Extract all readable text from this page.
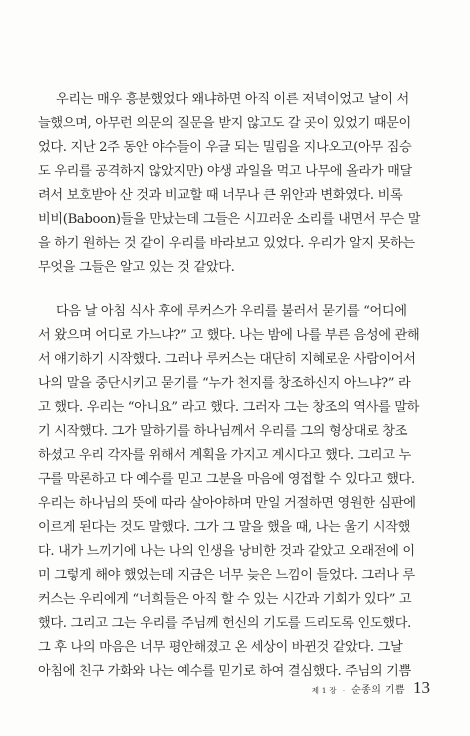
우리는 매우 흥분했었다 왜냐하면 아직 이른 저녁이었고 날이 서
늘했으며, 아무런 의문의 질문을 받지 않고도 갈 곳이 있었기 때문이
었다. 지난 2주 동안 야수들이 우글 되는 밀림을 지나오고(아무 짐승
도 우리를 공격하지 않았지만) 야생 과일을 먹고 나무에 올라가 매달
려서 보호받아 산 것과 비교할 때 너무나 큰 위안과 변화였다. 비록
비비(Baboon)들을 만났는데 그들은 시끄러운 소리를 내면서 무슨 말
을 하기 원하는 것 같이 우리를 바라보고 있었다. 우리가 알지 못하는
무엇을 그들은 알고 있는 것 같았다.
다음 날 아침 식사 후에 루커스가 우리를 불러서 묻기를 “어디에
서 왔으며 어디로 가느냐?” 고 했다. 나는 밤에 나를 부른 음성에 관해
서 얘기하기 시작했다. 그러나 루커스는 대단히 지혜로운 사람이어서
나의 말을 중단시키고 묻기를 “누가 천지를 창조하신지 아느냐?” 라
고 했다. 우리는 “아니요” 라고 했다. 그러자 그는 창조의 역사를 말하
기 시작했다. 그가 말하기를 하나님께서 우리를 그의 형상대로 창조
하셨고 우리 각자를 위해서 계획을 가지고 계시다고 했다. 그리고 누
구를 막론하고 다 예수를 믿고 그분을 마음에 영접할 수 있다고 했다.
우리는 하나님의 뜻에 따라 살아야하며 만일 거절하면 영원한 심판에
이르게 된다는 것도 말했다. 그가 그 말을 했을 때, 나는 울기 시작했
다. 내가 느끼기에 나는 나의 인생을 낭비한 것과 같았고 오래전에 이
미 그렇게 해야 했었는데 지금은 너무 늦은 느낌이 들었다. 그러나 루
커스는 우리에게 “너희들은 아직 할 수 있는 시간과 기회가 있다” 고
했다. 그리고 그는 우리를 주님께 헌신의 기도를 드리도록 인도했다.
그 후 나의 마음은 너무 평안해졌고 온 세상이 바뀐것 같았다. 그날
아침에 친구 가화와 나는 예수를 믿기로 하여 결심했다. 주님의 기쁨
제 1 장 · 순종의 기쁨 13
